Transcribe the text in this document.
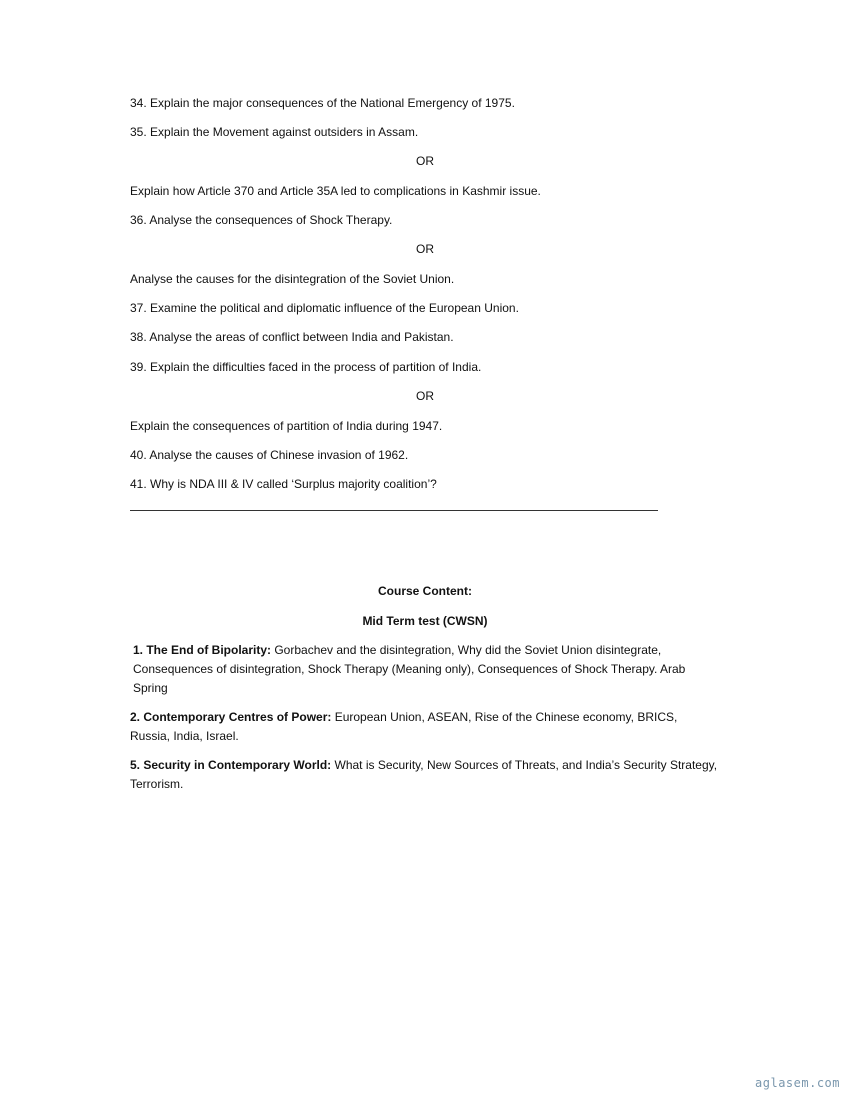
34. Explain the major consequences of the National Emergency of 1975.
35. Explain the Movement against outsiders in Assam.
OR
Explain how Article 370 and Article 35A led to complications in Kashmir issue.
36. Analyse the consequences of Shock Therapy.
OR
Analyse the causes for the disintegration of the Soviet Union.
37. Examine the political and diplomatic influence of the European Union.
38. Analyse the areas of conflict between India and Pakistan.
39. Explain the difficulties faced in the process of partition of India.
OR
Explain the consequences of partition of India during 1947.
40. Analyse the causes of Chinese invasion of 1962.
41. Why is NDA III & IV called ‘Surplus majority coalition’?
Course Content:
Mid Term test (CWSN)
1. The End of Bipolarity: Gorbachev and the disintegration, Why did the Soviet Union disintegrate, Consequences of disintegration, Shock Therapy (Meaning only), Consequences of Shock Therapy. Arab Spring
2. Contemporary Centres of Power: European Union, ASEAN, Rise of the Chinese economy, BRICS, Russia, India, Israel.
5. Security in Contemporary World: What is Security, New Sources of Threats, and India’s Security Strategy, Terrorism.
aglasem.com
